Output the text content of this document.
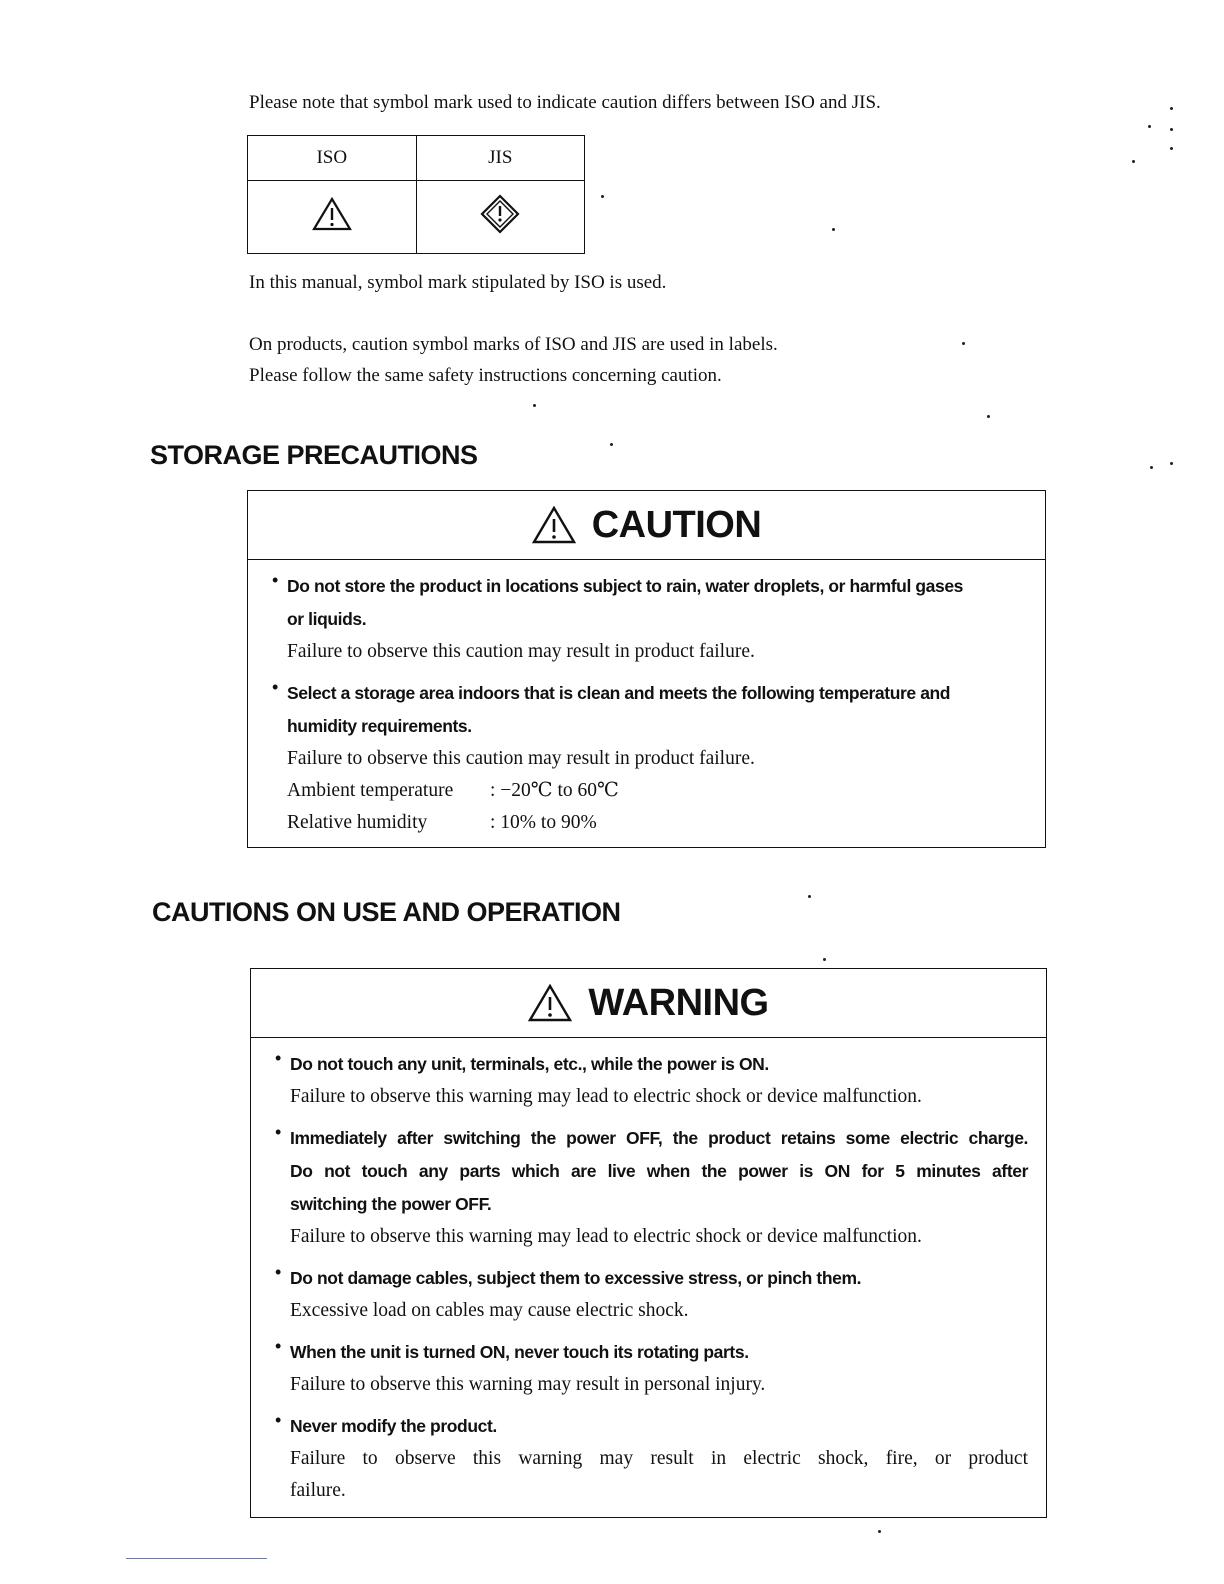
Please note that symbol mark used to indicate caution differs between ISO and JIS.
ISO	JIS

In this manual, symbol mark stipulated by ISO is used.
On products, caution symbol marks of ISO and JIS are used in labels.
Please follow the same safety instructions concerning caution.
STORAGE PRECAUTIONS
CAUTION
• Do not store the product in locations subject to rain, water droplets, or harmful gases
or liquids.
Failure to observe this caution may result in product failure.
• Select a storage area indoors that is clean and meets the following temperature and
humidity requirements.
Failure to observe this caution may result in product failure.
Ambient temperature	: −20℃ to 60℃
Relative humidity	: 10% to 90%
CAUTIONS ON USE AND OPERATION
WARNING
• Do not touch any unit, terminals, etc., while the power is ON.
Failure to observe this warning may lead to electric shock or device malfunction.
• Immediately after switching the power OFF, the product retains some electric charge.
Do not touch any parts which are live when the power is ON for 5 minutes after
switching the power OFF.
Failure to observe this warning may lead to electric shock or device malfunction.
• Do not damage cables, subject them to excessive stress, or pinch them.
Excessive load on cables may cause electric shock.
• When the unit is turned ON, never touch its rotating parts.
Failure to observe this warning may result in personal injury.
• Never modify the product.
Failure to observe this warning may result in electric shock, fire, or product
failure.
